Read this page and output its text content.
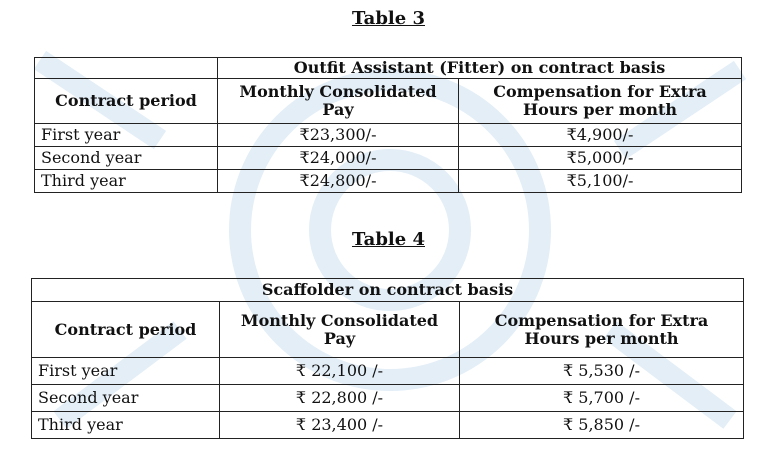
Table 3
	Outfit Assistant (Fitter) on contract basis	
Contract period	Monthly Consolidated Pay	Compensation for Extra Hours per month
First year	₹23,300/-	₹4,900/-
Second year	₹24,000/-	₹5,000/-
Third year	₹24,800/-	₹5,100/-
Table 4
Scaffolder on contract basis		
Contract period	Monthly Consolidated Pay	Compensation for Extra Hours per month
First year	₹ 22,100 /-	₹ 5,530 /-
Second year	₹ 22,800 /-	₹ 5,700 /-
Third year	₹ 23,400 /-	₹ 5,850 /-
